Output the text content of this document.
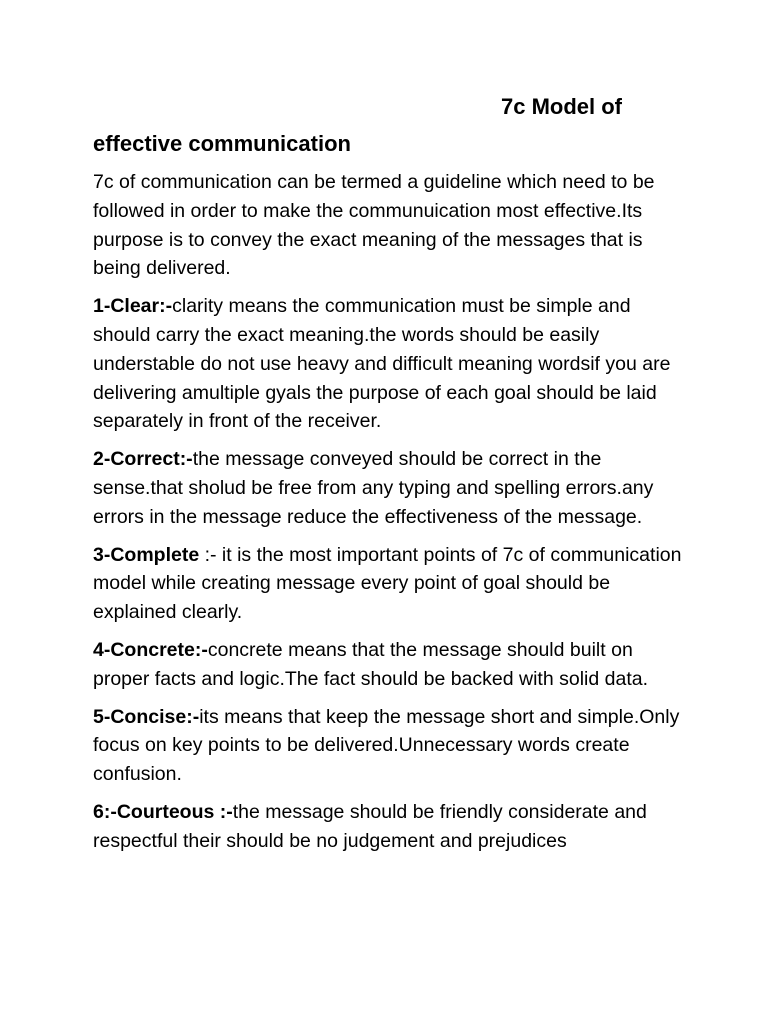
7c Model of
effective communication

7c of communication can be termed a guideline which need to be followed in order to make the communuication most effective.Its purpose is to convey the exact meaning of the messages that is being delivered.

1-Clear:-clarity means the communication must be simple and should carry the exact meaning.the words should be easily understable do not use heavy and difficult meaning wordsif you are delivering amultiple gyals the purpose of each goal should be laid separately in front of the receiver.

2-Correct:-the message conveyed should be correct in the sense.that sholud be free from any typing and spelling errors.any errors in the message reduce the effectiveness of the message.

3-Complete :- it is the most important points of 7c of communication model while creating message every point of goal should be explained clearly.

4-Concrete:-concrete means that the message should built on proper facts and logic.The fact should be backed with solid data.

5-Concise:-its means that keep the message short and simple.Only focus on key points to be delivered.Unnecessary words create confusion.

6:-Courteous :-the message should be friendly considerate and respectful their should be no judgement and prejudices
